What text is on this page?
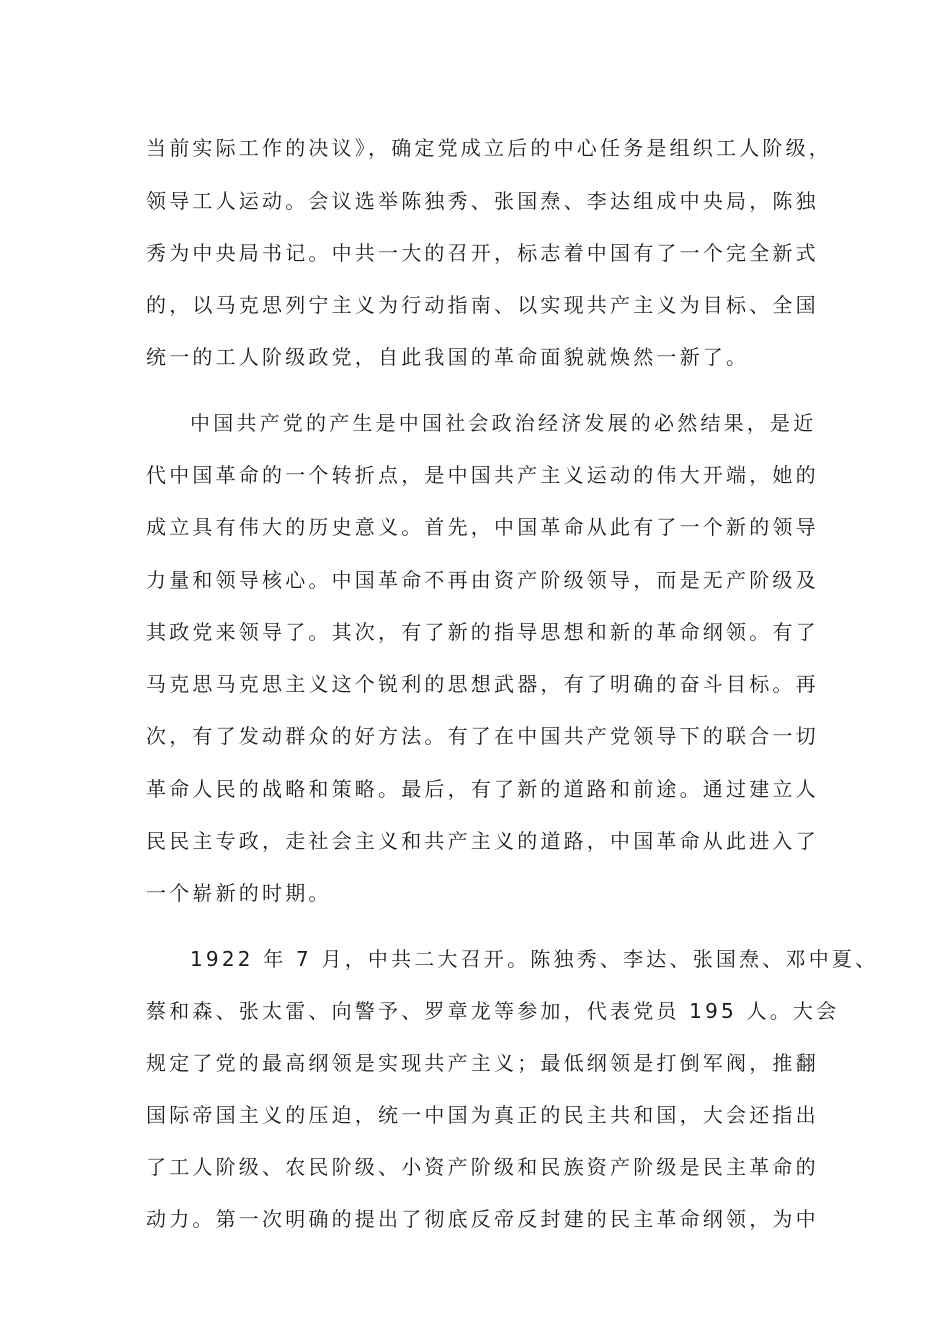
当前实际工作的决议》，确定党成立后的中心任务是组织工人阶级，

领导工人运动。会议选举陈独秀、张国焘、李达组成中央局，陈独

秀为中央局书记。中共一大的召开，标志着中国有了一个完全新式

的，以马克思列宁主义为行动指南、以实现共产主义为目标、全国

统一的工人阶级政党，自此我国的革命面貌就焕然一新了。

中国共产党的产生是中国社会政治经济发展的必然结果，是近

代中国革命的一个转折点，是中国共产主义运动的伟大开端，她的

成立具有伟大的历史意义。首先，中国革命从此有了一个新的领导

力量和领导核心。中国革命不再由资产阶级领导，而是无产阶级及

其政党来领导了。其次，有了新的指导思想和新的革命纲领。有了

马克思马克思主义这个锐利的思想武器，有了明确的奋斗目标。再

次，有了发动群众的好方法。有了在中国共产党领导下的联合一切

革命人民的战略和策略。最后，有了新的道路和前途。通过建立人

民民主专政，走社会主义和共产主义的道路，中国革命从此进入了

一个崭新的时期。

1922 年 7 月，中共二大召开。陈独秀、李达、张国焘、邓中夏、

蔡和森、张太雷、向警予、罗章龙等参加，代表党员 195 人。大会

规定了党的最高纲领是实现共产主义；最低纲领是打倒军阀，推翻

国际帝国主义的压迫，统一中国为真正的民主共和国，大会还指出

了工人阶级、农民阶级、小资产阶级和民族资产阶级是民主革命的

动力。第一次明确的提出了彻底反帝反封建的民主革命纲领，为中
